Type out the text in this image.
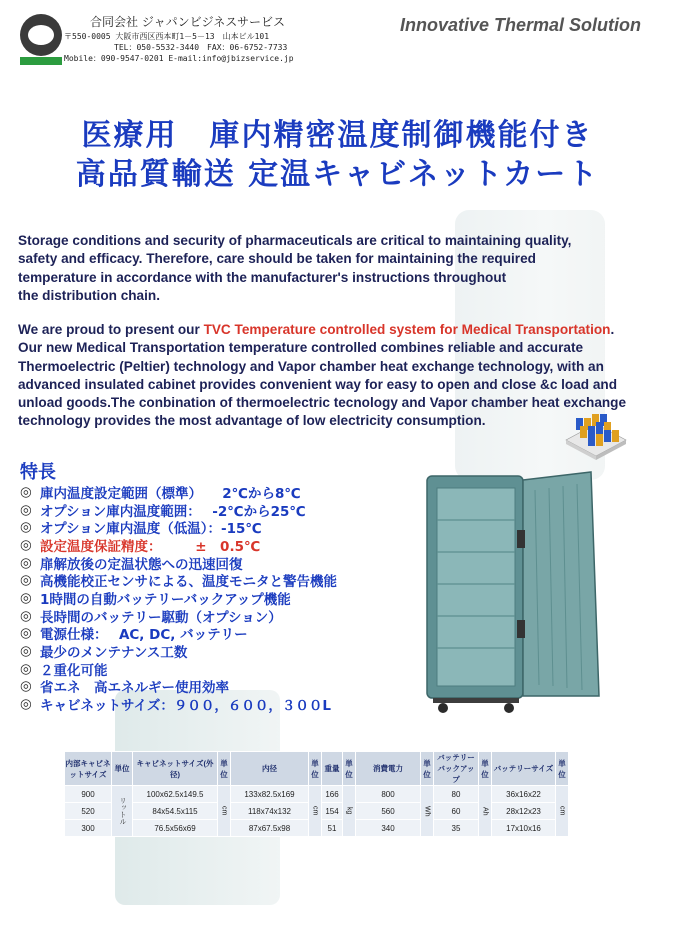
合同会社 ジャパンビジネスサービス
〒550-0005 大阪市西区西本町1－5－13　山本ビル101
TEL：050-5532-3440　FAX：06-6752-7733
Mobile：090-9547-0201 E-mail:info@jbizservice.jp
Innovative Thermal Solution
医療用　庫内精密温度制御機能付き
高品質輸送 定温キャビネットカート
Storage conditions and security of pharmaceuticals are critical to maintaining quality,
safety and efficacy. Therefore, care should be taken for maintaining the required
temperature in accordance with the manufacturer's instructions throughout
the distribution chain.
We are proud to present our TVC Temperature controlled system for Medical Transportation. Our new Medical Transportation temperature controlled combines reliable and accurate Thermoelectric (Peltier) technology and Vapor chamber heat exchange technology, with an advanced insulated cabinet provides convenient way for easy to open and close &c load and unload goods.The conbination of thermoelectric tecnology and Vapor chamber heat exchange technology provides the most advantage of low electricity consumption.
特長
◎ 庫内温度設定範囲（標準）　　2℃から8℃
◎ オプション庫内温度範囲：　 -2℃から25℃
◎ オプション庫内温度（低温）：-15℃
◎ 設定温度保証精度：　　　±　0.5℃
◎ 扉解放後の定温状態への迅速回復
◎ 高機能校正センサによる、温度モニタと警告機能
◎ 1時間の自動バッテリーバックアップ機能
◎ 長時間のバッテリー駆動（オプション）
◎ 電源仕様：　 AC, DC, バッテリー
◎ 最少のメンテナンス工数
◎ ２重化可能
◎ 省エネ　高エネルギー使用効率
◎ キャビネットサイズ：９００，６００，３００L
内部キャビネットサイズ	単位	キャビネットサイズ(外径)	単位	内径	単位	重量	単位	消費電力	単位	バッテリーバックアップ	単位	バッテリーサイズ	単位
900	リットル	100x62.5x149.5	cm	133x82.5x169	cm	166	kg	800	Wh	80	Ah	36x16x22	cm
520		84x54.5x115		118x74x132		154		560		60		28x12x23	
300		76.5x56x69		87x67.5x98		51		340		35		17x10x16	
